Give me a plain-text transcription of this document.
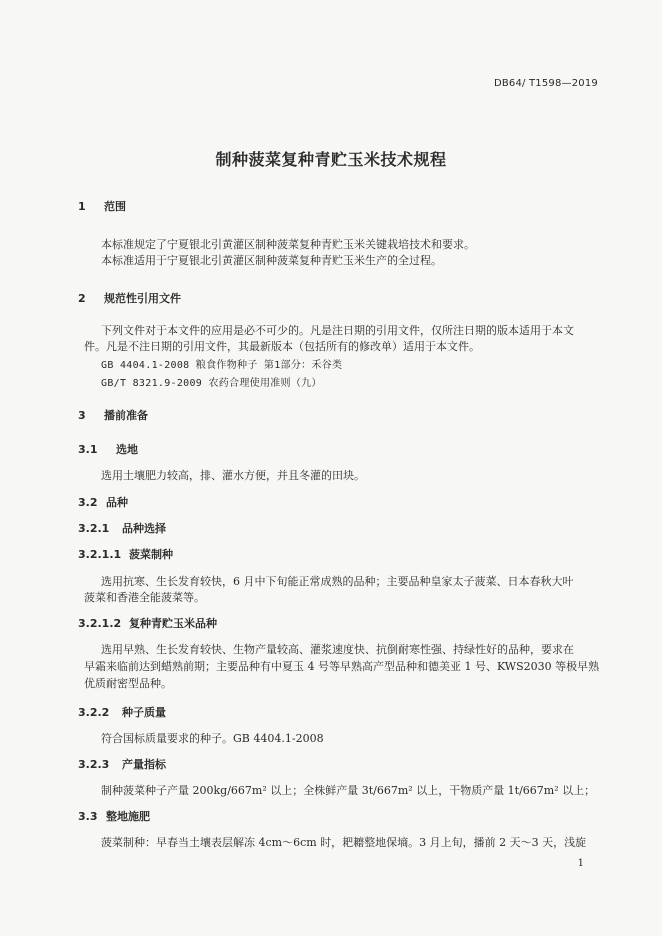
DB64/ T1598—2019
制种菠菜复种青贮玉米技术规程
1 范围
本标准规定了宁夏银北引黄灌区制种菠菜复种青贮玉米关键栽培技术和要求。
本标准适用于宁夏银北引黄灌区制种菠菜复种青贮玉米生产的全过程。
2 规范性引用文件
下列文件对于本文件的应用是必不可少的。凡是注日期的引用文件，仅所注日期的版本适用于本文
件。凡是不注日期的引用文件，其最新版本（包括所有的修改单）适用于本文件。
GB 4404.1-2008 粮食作物种子 第1部分：禾谷类
GB/T 8321.9-2009 农药合理使用准则（九）
3 播前准备
3.1 选地
选用土壤肥力较高，排、灌水方便，并且冬灌的田块。
3.2 品种
3.2.1 品种选择
3.2.1.1 菠菜制种
选用抗寒、生长发育较快，6 月中下旬能正常成熟的品种；主要品种皇家太子菠菜、日本春秋大叶
菠菜和香港全能菠菜等。
3.2.1.2 复种青贮玉米品种
选用早熟、生长发育较快、生物产量较高、灌浆速度快、抗倒耐寒性强、持绿性好的品种，要求在
早霜来临前达到蜡熟前期；主要品种有中夏玉 4 号等早熟高产型品种和德美亚 1 号、KWS2030 等极早熟
优质耐密型品种。
3.2.2 种子质量
符合国标质量要求的种子。GB 4404.1-2008
3.2.3 产量指标
制种菠菜种子产量 200kg/667m² 以上；全株鲜产量 3t/667m² 以上，干物质产量 1t/667m² 以上；
3.3 整地施肥
菠菜制种：早春当土壤表层解冻 4cm～6cm 时，耙耱整地保墒。3 月上旬，播前 2 天～3 天，浅旋
1
